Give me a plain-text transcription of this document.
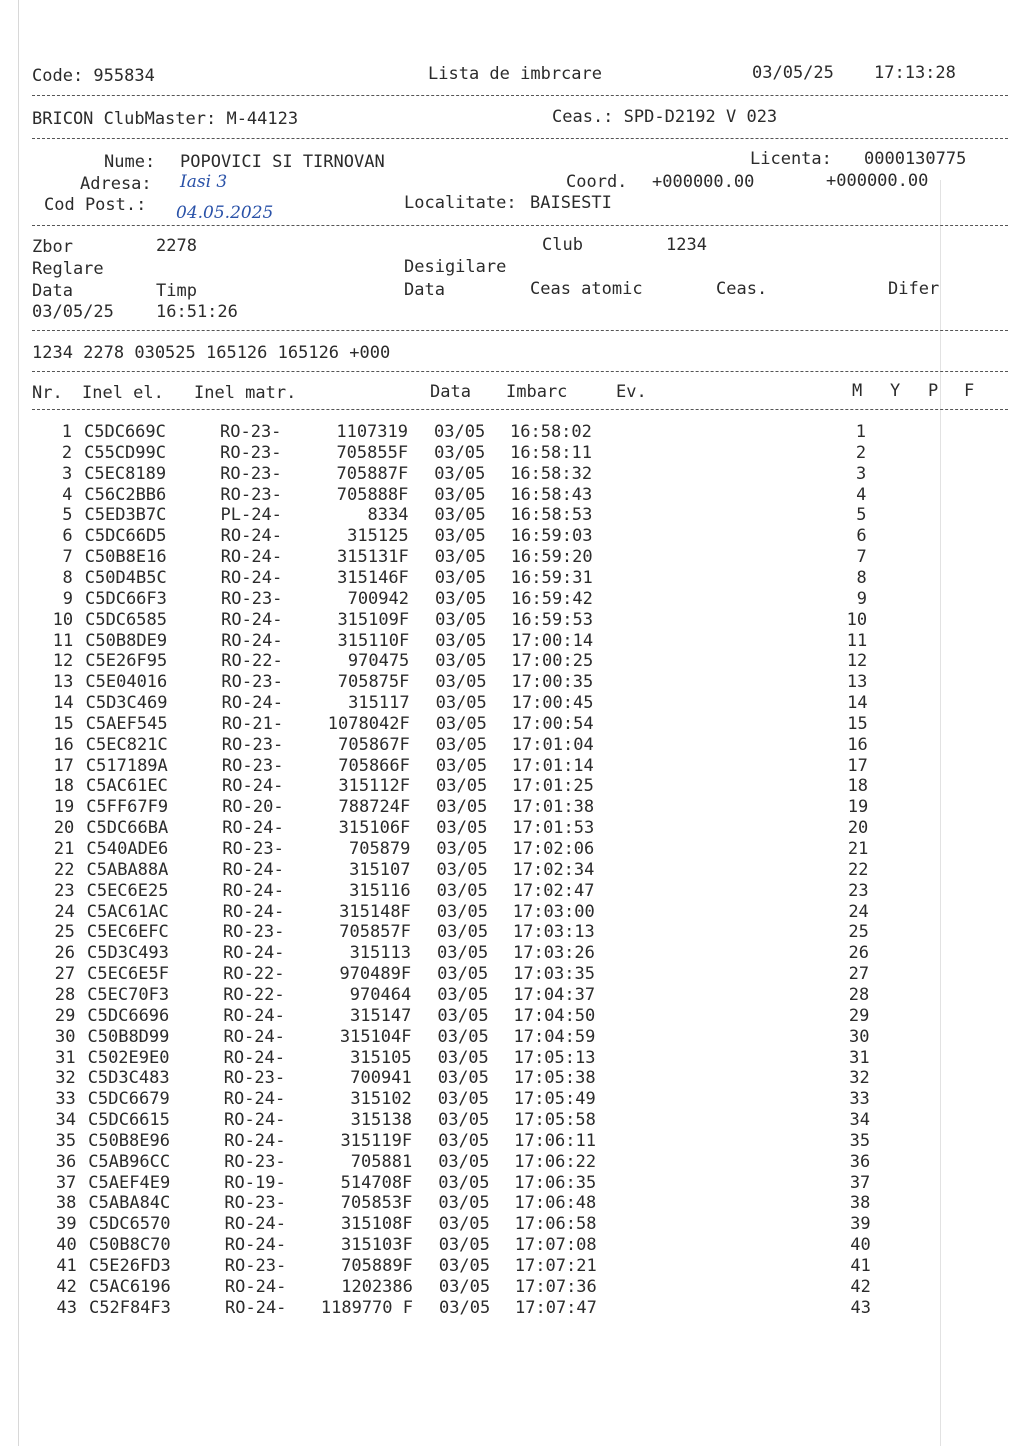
Code: 955834	Lista de imbrcare	03/05/25 17:13:28
BRICON ClubMaster: M-44123	Ceas.: SPD-D2192 V 023
Nume: POPOVICI SI TIRNOVAN	Licenta: 0000130775
Adresa: Iasi 3	Coord. +000000.00	+000000.00
Cod Post.: 04.05.2025	Localitate: BAISESTI
Zbor	2278	Club	1234
Reglare	Desigilare
Data	Timp	Data	Ceas atomic	Ceas.	Difer
03/05/25 16:51:26
1234 2278 030525 165126 165126 +000
Nr. Inel el. Inel matr.	Data Imbarc	Ev.	M Y P F
1 C5DC669C	RO-23-	1107319 03/05 16:58:02	1
2 C55CD99C	RO-23-	705855F 03/05 16:58:11	2
3 C5EC8189	RO-23-	705887F 03/05 16:58:32	3
4 C56C2BB6	RO-23-	705888F 03/05 16:58:43	4
5 C5ED3B7C	PL-24-	8334 03/05 16:58:53	5
6 C5DC66D5	RO-24-	315125 03/05 16:59:03	6
7 C50B8E16	RO-24-	315131F 03/05 16:59:20	7
8 C50D4B5C	RO-24-	315146F 03/05 16:59:31	8
9 C5DC66F3	RO-23-	700942 03/05 16:59:42	9
10 C5DC6585	RO-24-	315109F 03/05 16:59:53	10
11 C50B8DE9	RO-24-	315110F 03/05 17:00:14	11
12 C5E26F95	RO-22-	970475 03/05 17:00:25	12
13 C5E04016	RO-23-	705875F 03/05 17:00:35	13
14 C5D3C469	RO-24-	315117 03/05 17:00:45	14
15 C5AEF545	RO-21-	1078042F 03/05 17:00:54	15
16 C5EC821C	RO-23-	705867F 03/05 17:01:04	16
17 C517189A	RO-23-	705866F 03/05 17:01:14	17
18 C5AC61EC	RO-24-	315112F 03/05 17:01:25	18
19 C5FF67F9	RO-20-	788724F 03/05 17:01:38	19
20 C5DC66BA	RO-24-	315106F 03/05 17:01:53	20
21 C540ADE6	RO-23-	705879 03/05 17:02:06	21
22 C5ABA88A	RO-24-	315107 03/05 17:02:34	22
23 C5EC6E25	RO-24-	315116 03/05 17:02:47	23
24 C5AC61AC	RO-24-	315148F 03/05 17:03:00	24
25 C5EC6EFC	RO-23-	705857F 03/05 17:03:13	25
26 C5D3C493	RO-24-	315113 03/05 17:03:26	26
27 C5EC6E5F	RO-22-	970489F 03/05 17:03:35	27
28 C5EC70F3	RO-22-	970464 03/05 17:04:37	28
29 C5DC6696	RO-24-	315147 03/05 17:04:50	29
30 C50B8D99	RO-24-	315104F 03/05 17:04:59	30
31 C502E9E0	RO-24-	315105 03/05 17:05:13	31
32 C5D3C483	RO-23-	700941 03/05 17:05:38	32
33 C5DC6679	RO-24-	315102 03/05 17:05:49	33
34 C5DC6615	RO-24-	315138 03/05 17:05:58	34
35 C50B8E96	RO-24-	315119F 03/05 17:06:11	35
36 C5AB96CC	RO-23-	705881 03/05 17:06:22	36
37 C5AEF4E9	RO-19-	514708F 03/05 17:06:35	37
38 C5ABA84C	RO-23-	705853F 03/05 17:06:48	38
39 C5DC6570	RO-24-	315108F 03/05 17:06:58	39
40 C50B8C70	RO-24-	315103F 03/05 17:07:08	40
41 C5E26FD3	RO-23-	705889F 03/05 17:07:21	41
42 C5AC6196	RO-24-	1202386 03/05 17:07:36	42
43 C52F84F3	RO-24-	1189770 F 03/05 17:07:47	43
